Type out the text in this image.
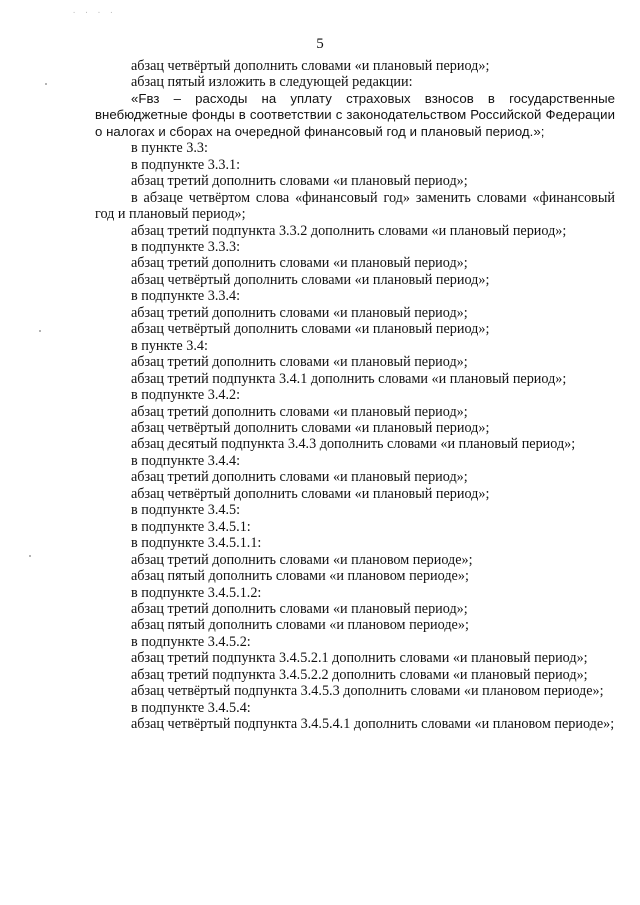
· · · ·
5

абзац четвёртый дополнить словами «и плановый период»;

абзац пятый изложить в следующей редакции:

«Fвз – расходы на уплату страховых взносов в государственные внебюджетные фонды в соответствии с законодательством Российской Федерации о налогах и сборах на очередной финансовый год и плановый период.»;

в пункте 3.3:

в подпункте 3.3.1:

абзац третий дополнить словами «и плановый период»;

в абзаце четвёртом слова «финансовый год» заменить словами «финансовый год и плановый период»;

абзац третий подпункта 3.3.2 дополнить словами «и плановый период»;

в подпункте 3.3.3:

абзац третий дополнить словами «и плановый период»;

абзац четвёртый дополнить словами «и плановый период»;

в подпункте 3.3.4:

абзац третий дополнить словами «и плановый период»;

абзац четвёртый дополнить словами «и плановый период»;

в пункте 3.4:

абзац третий дополнить словами «и плановый период»;

абзац третий подпункта 3.4.1 дополнить словами «и плановый период»;

в подпункте 3.4.2:

абзац третий дополнить словами «и плановый период»;

абзац четвёртый дополнить словами «и плановый период»;

абзац десятый подпункта 3.4.3 дополнить словами «и плановый период»;

в подпункте 3.4.4:

абзац третий дополнить словами «и плановый период»;

абзац четвёртый дополнить словами «и плановый период»;

в подпункте 3.4.5:

в подпункте 3.4.5.1:

в подпункте 3.4.5.1.1:

абзац третий дополнить словами «и плановом периоде»;

абзац пятый дополнить словами «и плановом периоде»;

в подпункте 3.4.5.1.2:

абзац третий дополнить словами «и плановый период»;

абзац пятый дополнить словами «и плановом периоде»;

в подпункте 3.4.5.2:

абзац третий подпункта 3.4.5.2.1 дополнить словами «и плановый период»;

абзац третий подпункта 3.4.5.2.2 дополнить словами «и плановый период»;

абзац четвёртый подпункта 3.4.5.3 дополнить словами «и плановом периоде»;

в подпункте 3.4.5.4:

абзац четвёртый подпункта 3.4.5.4.1 дополнить словами «и плановом периоде»;
